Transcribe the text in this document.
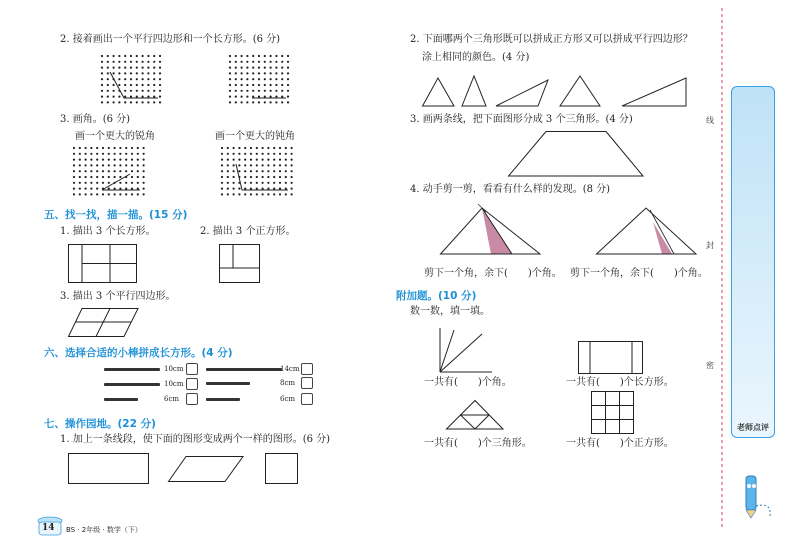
2. 接着画出一个平行四边形和一个长方形。(6 分)
3. 画角。(6 分)
画一个更大的锐角	画一个更大的钝角
五、找一找，描一描。(15 分)
1. 描出 3 个长方形。	2. 描出 3 个正方形。
3. 描出 3 个平行四边形。
六、选择合适的小棒拼成长方形。(4 分)
10cm
10cm
6cm
14cm
8cm
6cm
七、操作园地。(22 分)
1. 加上一条线段，使下面的图形变成两个一样的图形。(6 分)
14 BS · 2年级 · 数学（下）
2. 下面哪两个三角形既可以拼成正方形又可以拼成平行四边形？
涂上相同的颜色。(4 分)
3. 画两条线，把下面图形分成 3 个三角形。(4 分)
4. 动手剪一剪，看看有什么样的发现。(8 分)
剪下一个角，余下(　　)个角。 剪下一个角，余下(　　)个角。
附加题。(10 分)
数一数，填一填。
一共有(　　)个角。	一共有(　　)个长方形。
一共有(　　)个三角形。	一共有(　　)个正方形。
线
封
密
老师点评
